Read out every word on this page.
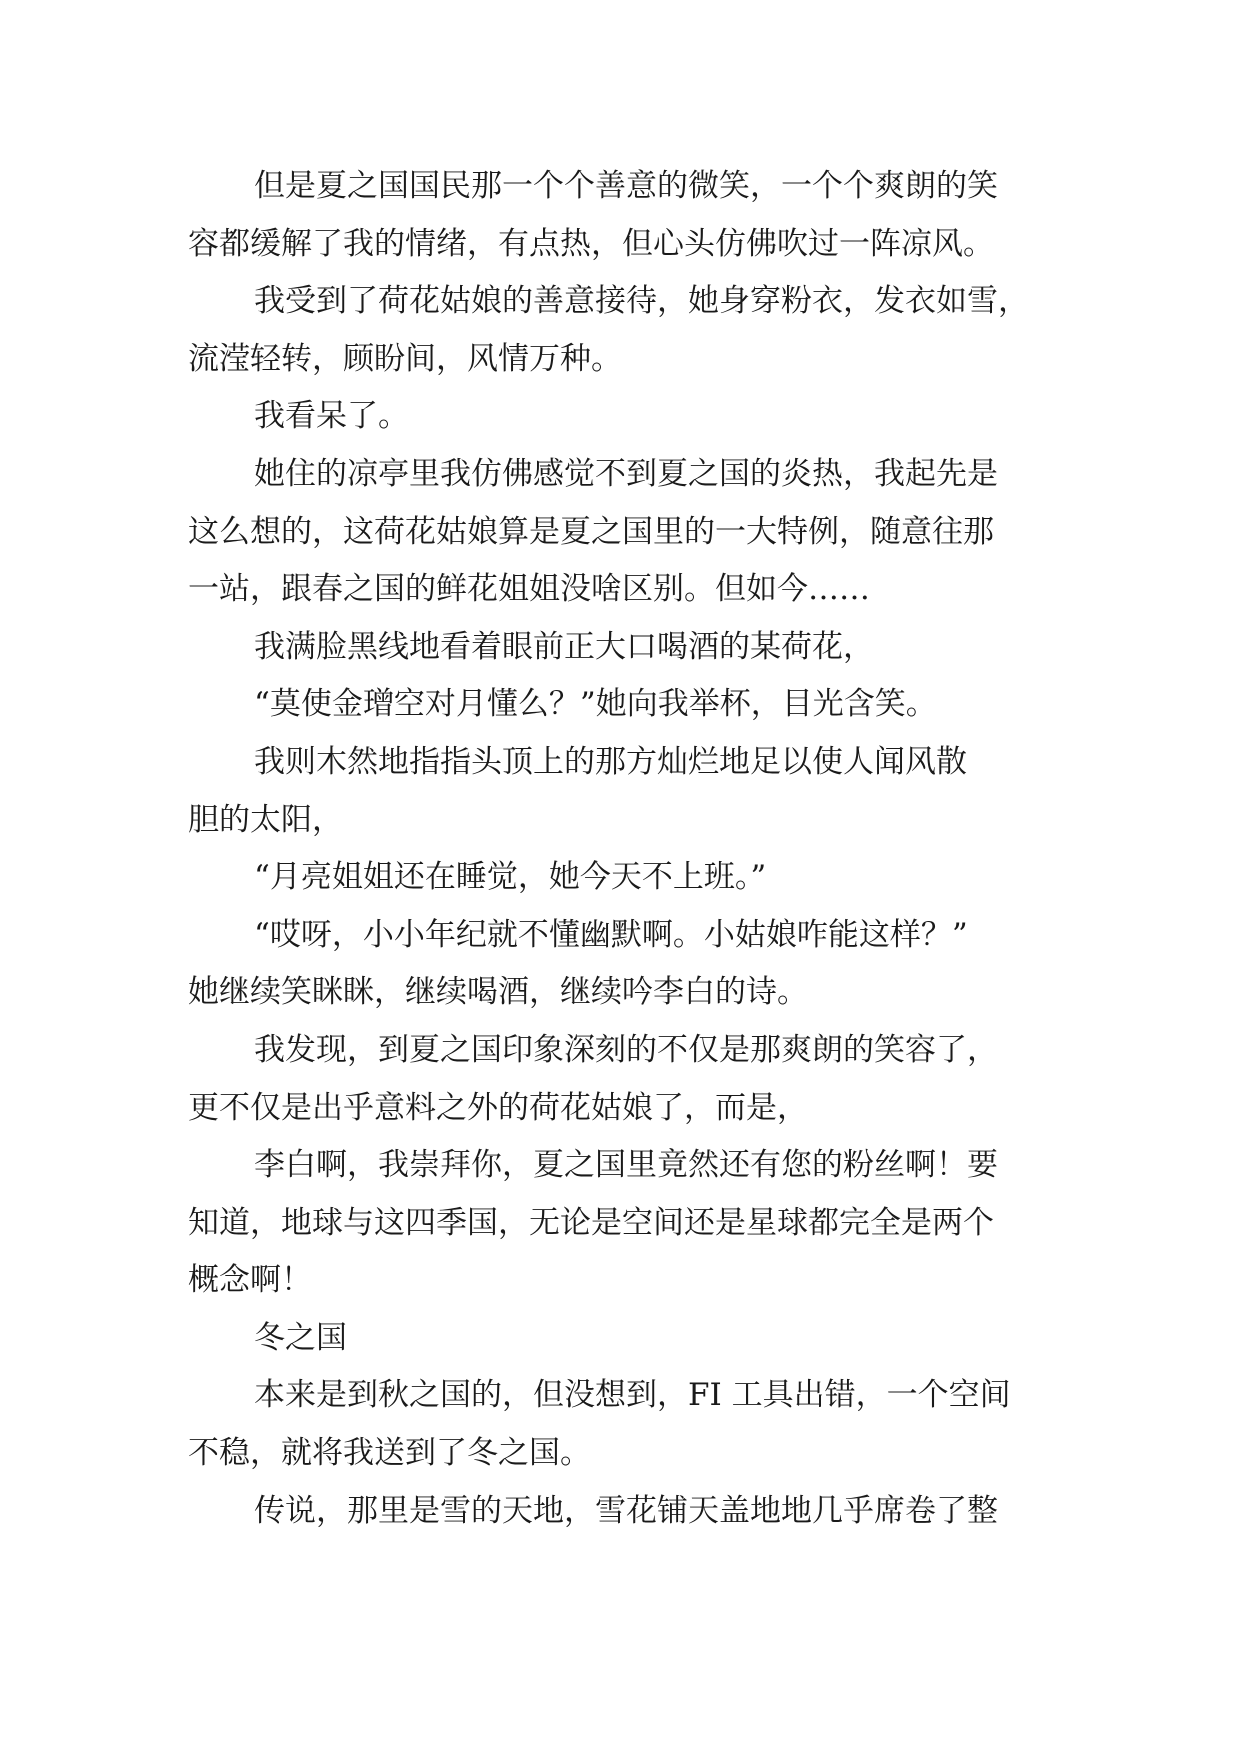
但是夏之国国民那一个个善意的微笑，一个个爽朗的笑
容都缓解了我的情绪，有点热，但心头仿佛吹过一阵凉风。
我受到了荷花姑娘的善意接待，她身穿粉衣，发衣如雪，
流滢轻转，顾盼间，风情万种。
我看呆了。
她住的凉亭里我仿佛感觉不到夏之国的炎热，我起先是
这么想的，这荷花姑娘算是夏之国里的一大特例，随意往那
一站，跟春之国的鲜花姐姐没啥区别。但如今……
我满脸黑线地看着眼前正大口喝酒的某荷花，
“莫使金璔空对月懂么？”她向我举杯，目光含笑。
我则木然地指指头顶上的那方灿烂地足以使人闻风散
胆的太阳，
“月亮姐姐还在睡觉，她今天不上班。”
“哎呀，小小年纪就不懂幽默啊。小姑娘咋能这样？”
她继续笑眯眯，继续喝酒，继续吟李白的诗。
我发现，到夏之国印象深刻的不仅是那爽朗的笑容了，
更不仅是出乎意料之外的荷花姑娘了，而是，
李白啊，我崇拜你，夏之国里竟然还有您的粉丝啊！要
知道，地球与这四季国，无论是空间还是星球都完全是两个
概念啊！
冬之国
本来是到秋之国的，但没想到，FI 工具出错，一个空间
不稳，就将我送到了冬之国。
传说，那里是雪的天地，雪花铺天盖地地几乎席卷了整
